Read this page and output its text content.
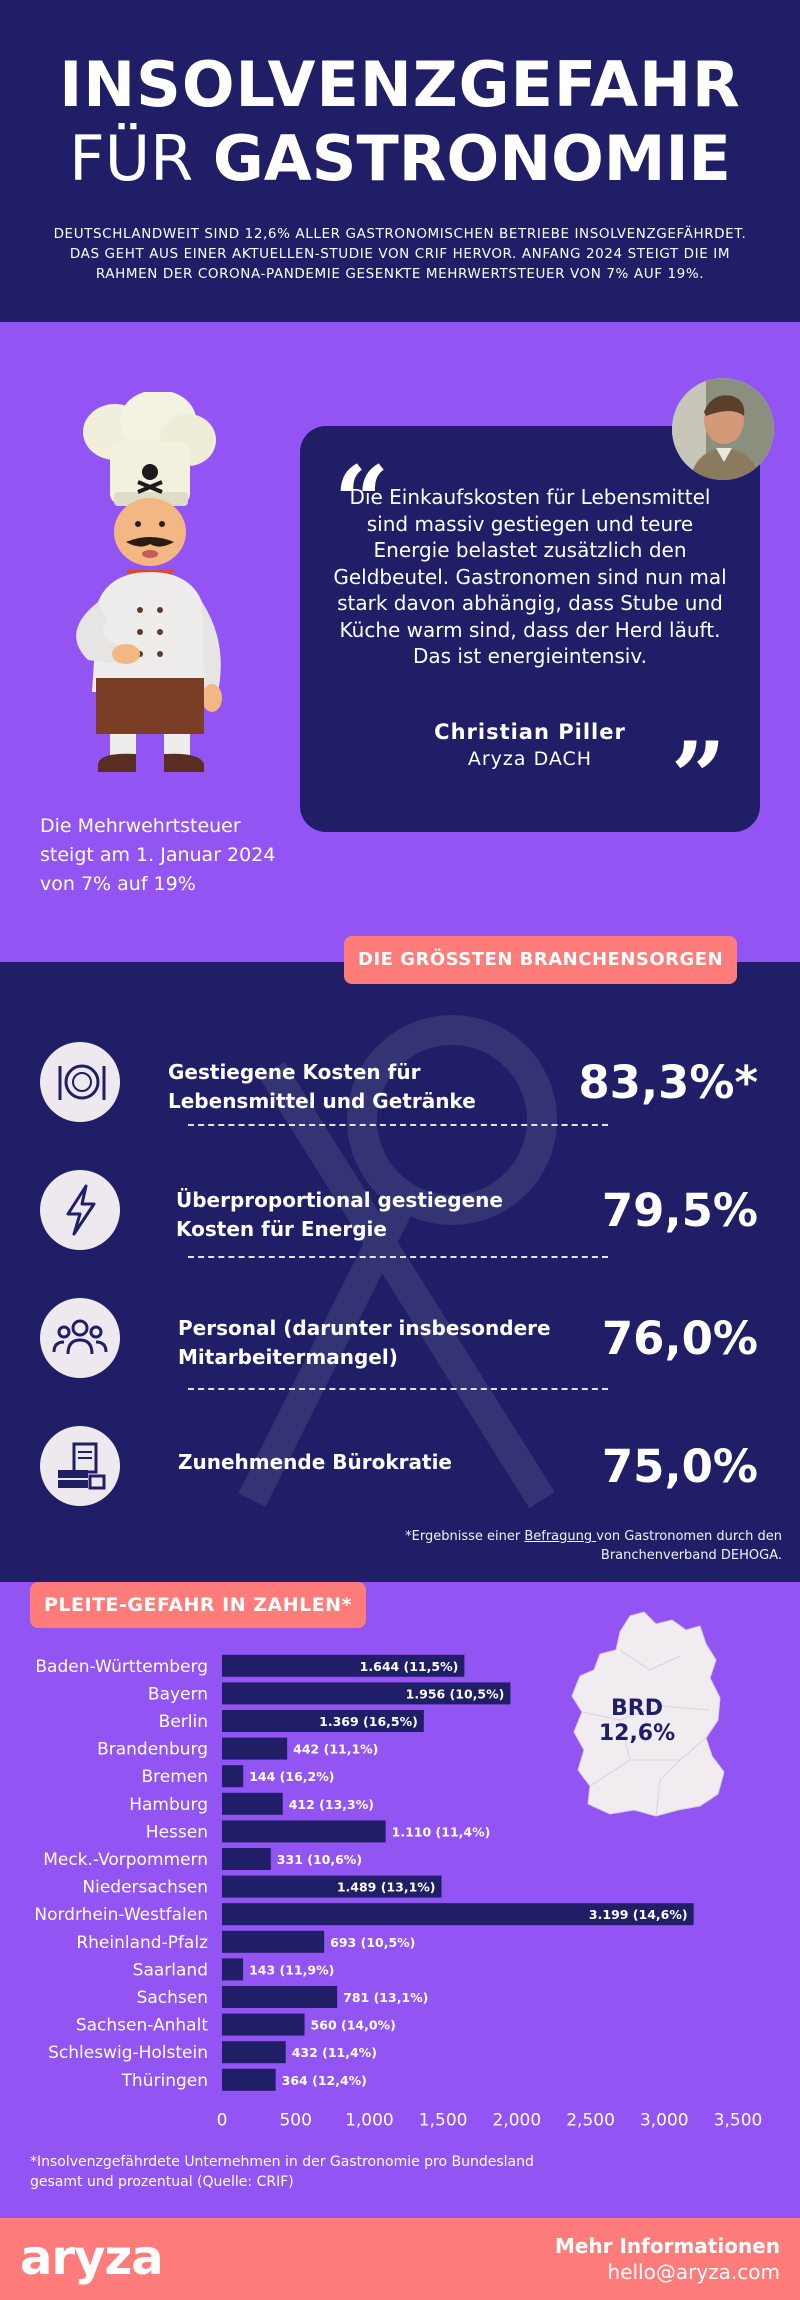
INSOLVENZGEFAHR
FÜR GASTRONOMIE

DEUTSCHLANDWEIT SIND 12,6% ALLER GASTRONOMISCHEN BETRIEBE INSOLVENZGEFÄHRDET. DAS GEHT AUS EINER AKTUELLEN-STUDIE VON CRIF HERVOR. ANFANG 2024 STEIGT DIE IM RAHMEN DER CORONA-PANDEMIE GESENKTE MEHRWERTSTEUER VON 7% AUF 19%.

Die Mehrwehrtsteuer steigt am 1. Januar 2024 von 7% auf 19%

“

Die Einkaufskosten für Lebensmittel sind massiv gestiegen und teure Energie belastet zusätzlich den Geldbeutel. Gastronomen sind nun mal stark davon abhängig, dass Stube und Küche warm sind, dass der Herd läuft. Das ist energieintensiv.

Christian Piller
Aryza DACH ”
DIE GRÖSSTEN BRANCHENSORGEN
Gestiegene Kosten für Lebensmittel und Getränke	83,3%*
Überproportional gestiegene Kosten für Energie	79,5%
Personal (darunter insbesondere Mitarbeitermangel)	76,0%
Zunehmende Bürokratie	75,0%

*Ergebnisse einer Befragung von Gastronomen durch den Branchenverband DEHOGA.

BRD
12,6%
PLEITE-GEFAHR IN ZAHLEN*
Baden-Württemberg	1.644 (11,5%)
Bayern	1.956 (10,5%)
Berlin	1.369 (16,5%)
Brandenburg	442 (11,1%)
Bremen	144 (16,2%)
Hamburg	412 (13,3%)
Hessen	1.110 (11,4%)
Meck.-Vorpommern	331 (10,6%)
Niedersachsen	1.489 (13,1%)
Nordrhein-Westfalen	3.199 (14,6%)
Rheinland-Pfalz	693 (10,5%)
Saarland	143 (11,9%)
Sachsen	781 (13,1%)
Sachsen-Anhalt	560 (14,0%)
Schleswig-Holstein	432 (11,4%)
Thüringen	364 (12,4%)
0	500 1,000 1,500 2,000 2,500 3,000 3,500

*Insolvenzgefährdete Unternehmen in der Gastronomie pro Bundesland gesamt und prozentual (Quelle: CRIF)

aryza	Mehr Informationen
hello@aryza.com
